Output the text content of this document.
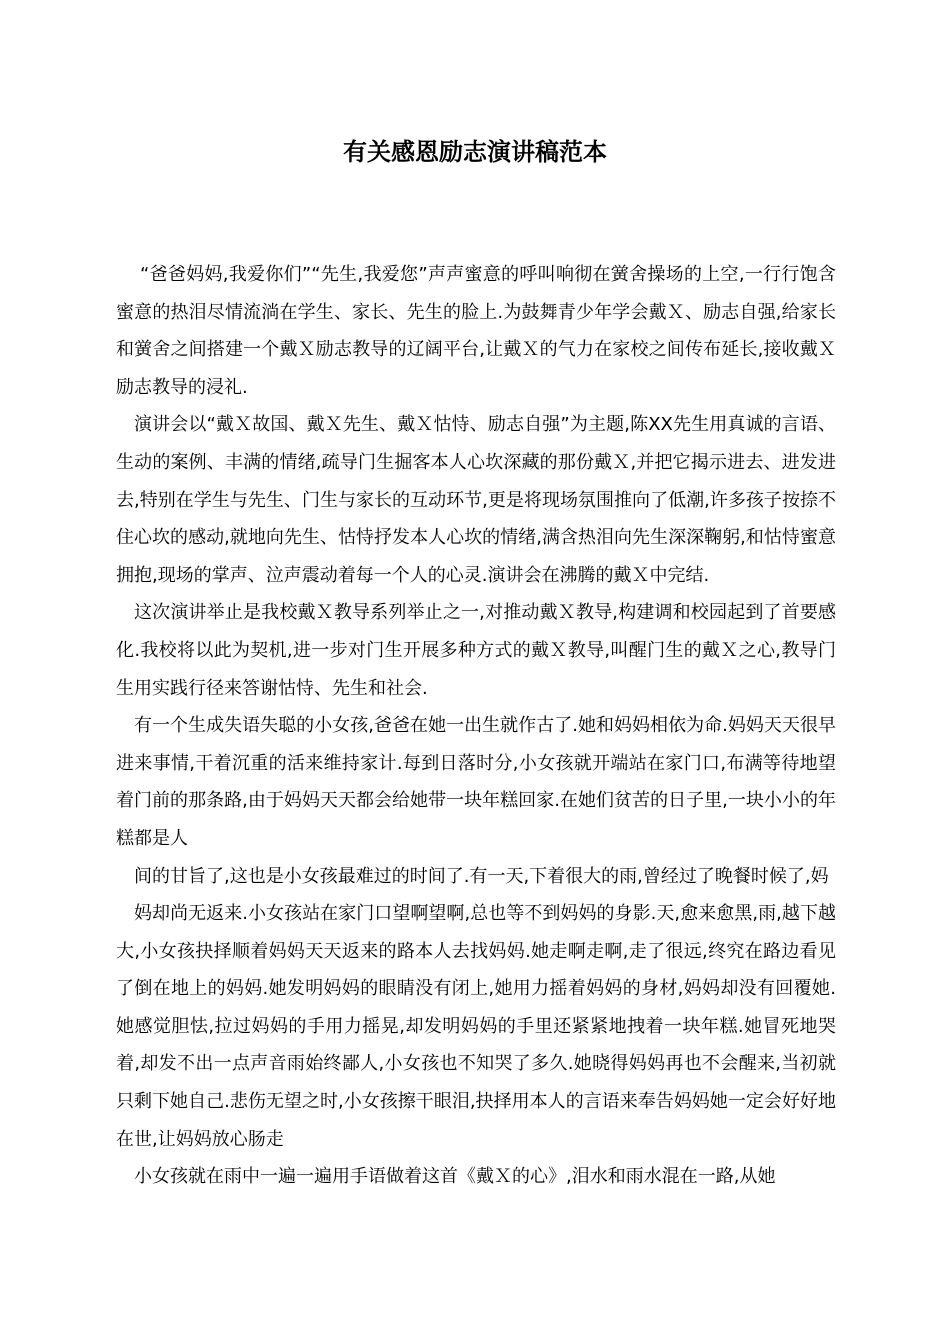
有关感恩励志演讲稿范本

“爸爸妈妈,我爱你们”“先生,我爱您”声声蜜意的呼叫响彻在黉舍操场的上空,一行行饱含蜜意的热泪尽情流淌在学生、家长、先生的脸上.为鼓舞青少年学会戴Ｘ、励志自强,给家长和黉舍之间搭建一个戴Ｘ励志教导的辽阔平台,让戴Ｘ的气力在家校之间传布延长,接收戴Ｘ励志教导的浸礼.

演讲会以“戴Ｘ故国、戴Ｘ先生、戴Ｘ怙恃、励志自强”为主题,陈XX先生用真诚的言语、生动的案例、丰满的情绪,疏导门生掘客本人心坎深藏的那份戴Ｘ,并把它揭示进去、进发进去,特别在学生与先生、门生与家长的互动环节,更是将现场氛围推向了低潮,许多孩子按捺不住心坎的感动,就地向先生、怙恃抒发本人心坎的情绪,满含热泪向先生深深鞠躬,和怙恃蜜意拥抱,现场的掌声、泣声震动着每一个人的心灵.演讲会在沸腾的戴Ｘ中完结.

这次演讲举止是我校戴Ｘ教导系列举止之一,对推动戴Ｘ教导,构建调和校园起到了首要感化.我校将以此为契机,进一步对门生开展多种方式的戴Ｘ教导,叫醒门生的戴Ｘ之心,教导门生用实践行径来答谢怙恃、先生和社会.

有一个生成失语失聪的小女孩,爸爸在她一出生就作古了.她和妈妈相依为命.妈妈天天很早进来事情,干着沉重的活来维持家计.每到日落时分,小女孩就开端站在家门口,布满等待地望着门前的那条路,由于妈妈天天都会给她带一块年糕回家.在她们贫苦的日子里,一块小小的年糕都是人

间的甘旨了,这也是小女孩最难过的时间了.有一天,下着很大的雨,曾经过了晚餐时候了,妈

妈却尚无返来.小女孩站在家门口望啊望啊,总也等不到妈妈的身影.天,愈来愈黑,雨,越下越大,小女孩抉择顺着妈妈天天返来的路本人去找妈妈.她走啊走啊,走了很远,终究在路边看见了倒在地上的妈妈.她发明妈妈的眼睛没有闭上,她用力摇着妈妈的身材,妈妈却没有回覆她.她感觉胆怯,拉过妈妈的手用力摇晃,却发明妈妈的手里还紧紧地拽着一块年糕.她冒死地哭着,却发不出一点声音雨始终鄙人,小女孩也不知哭了多久.她晓得妈妈再也不会醒来,当初就只剩下她自己.悲伤无望之时,小女孩擦干眼泪,抉择用本人的言语来奉告妈妈她一定会好好地在世,让妈妈放心肠走

小女孩就在雨中一遍一遍用手语做着这首《戴Ｘ的心》,泪水和雨水混在一路,从她
